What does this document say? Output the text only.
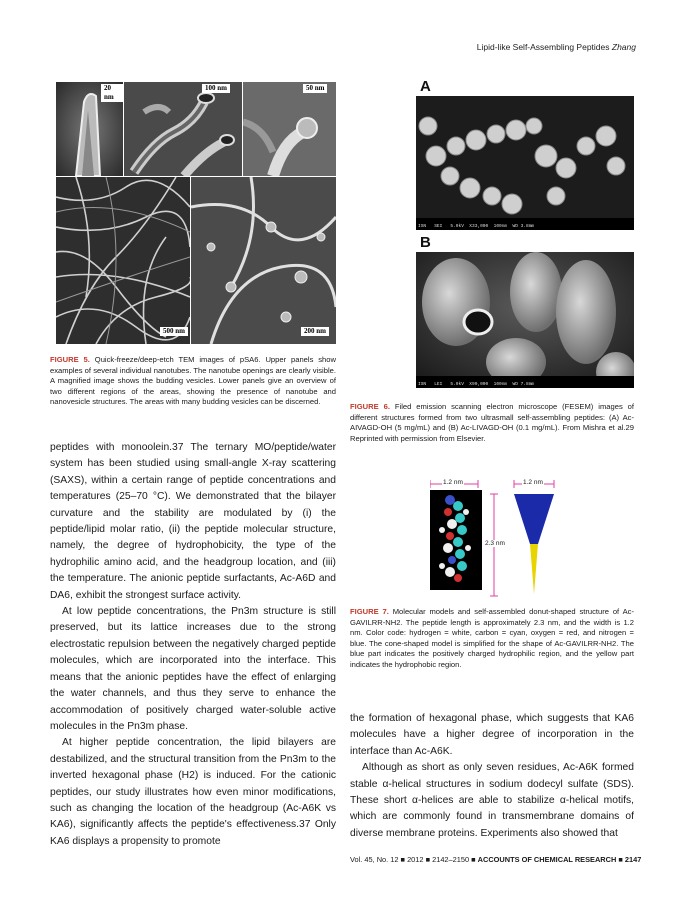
Lipid-like Self-Assembling Peptides Zhang
20 nm
100 nm	50 nm
500 nm	200 nm
FIGURE 5. Quick-freeze/deep-etch TEM images of pSA6. Upper panels show examples of several individual nanotubes. The nanotube openings are clearly visible. A magnified image shows the budding vesicles. Lower panels give an overview of two different regions of the areas, showing the presence of nanotube and nanovesicle structures. The areas with many budding vesicles can be discerned.

peptides with monoolein.37 The ternary MO/peptide/water system has been studied using small-angle X-ray scattering (SAXS), within a certain range of peptide concentrations and temperatures (25–70 °C). We demonstrated that the bilayer curvature and the stability are modulated by (i) the peptide/lipid molar ratio, (ii) the peptide molecular structure, namely, the degree of hydrophobicity, the type of the hydrophilic amino acid, and the headgroup location, and (iii) the temperature. The anionic peptide surfactants, Ac-A6D and DA6, exhibit the strongest surface activity.

At low peptide concentrations, the Pn3m structure is still preserved, but its lattice increases due to the strong electrostatic repulsion between the negatively charged peptide molecules, which are incorporated into the interface. This means that the anionic peptides have the effect of enlarging the water channels, and thus they serve to enhance the accommodation of positively charged water-soluble active molecules in the Pn3m phase.

At higher peptide concentration, the lipid bilayers are destabilized, and the structural transition from the Pn3m to the inverted hexagonal phase (H2) is induced. For the cationic peptides, our study illustrates how even minor modifications, such as changing the location of the headgroup (Ac-A6K vs KA6), significantly affects the peptide's effectiveness.37 Only KA6 displays a propensity to promote

A
ISN   SEI   5.0kV  X33,000  100nm  WD 3.8mm
B
ISN   LEI   5.0kV  X90,000  100nm  WD 7.8mm
FIGURE 6. Filed emission scanning electron microscope (FESEM) images of different structures formed from two ultrasmall self-assembling peptides: (A) Ac-AIVAGD-OH (5 mg/mL) and (B) Ac-LIVAGD-OH (0.1 mg/mL). From Mishra et al.29 Reprinted with permission from Elsevier.
1.2 nm	1.2 nm
2.3 nm
FIGURE 7. Molecular models and self-assembled donut-shaped structure of Ac-GAVILRR-NH2. The peptide length is approximately 2.3 nm, and the width is 1.2 nm. Color code: hydrogen = white, carbon = cyan, oxygen = red, and nitrogen = blue. The cone-shaped model is simplified for the shape of Ac-GAVILRR-NH2. The blue part indicates the positively charged hydrophilic region, and the yellow part indicates the hydrophobic region.

the formation of hexagonal phase, which suggests that KA6 molecules have a higher degree of incorporation in the interface than Ac-A6K.

Although as short as only seven residues, Ac-A6K formed stable α-helical structures in sodium dodecyl sulfate (SDS). These short α-helices are able to stabilize α-helical motifs, which are commonly found in transmembrane domains of diverse membrane proteins. Experiments also showed that

Vol. 45, No. 12 ■ 2012 ■ 2142–2150 ■ ACCOUNTS OF CHEMICAL RESEARCH ■ 2147
